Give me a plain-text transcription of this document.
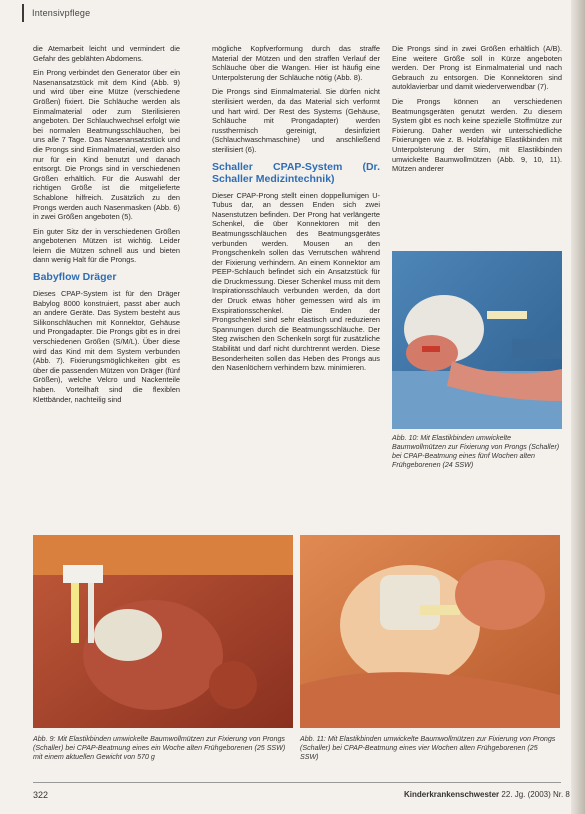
Intensivpflege

die Atemarbeit leicht und vermindert die Gefahr des geblähten Abdomens.

Ein Prong verbindet den Generator über ein Nasenansatzstück mit dem Kind (Abb. 9) und wird über eine Mütze (verschiedene Größen) fixiert. Die Schläuche werden als Einmalmaterial oder zum Sterilisieren angeboten. Der Schlauchwechsel erfolgt wie bei normalen Beatmungsschläuchen, bei uns alle 7 Tage. Das Nasenansatzstück und die Prongs sind Einmalmaterial, werden also nur für ein Kind benutzt und danach entsorgt. Die Prongs sind in verschiedenen Größen erhältlich. Für die Auswahl der richtigen Größe ist die mitgelieferte Schablone hilfreich. Zusätzlich zu den Prongs werden auch Nasenmasken (Abb. 6) in zwei Größen angeboten (5).

Ein guter Sitz der in verschiedenen Größen angebotenen Mützen ist wichtig. Leider leiern die Mützen schnell aus und bieten dann wenig Halt für die Prongs.

Babyflow Dräger

Dieses CPAP-System ist für den Dräger Babylog 8000 konstruiert, passt aber auch an andere Geräte. Das System besteht aus Silikonschläuchen mit Konnektor, Gehäuse und Prongadapter. Die Prongs gibt es in drei verschiedenen Größen (S/M/L). Über diese wird das Kind mit dem System verbunden (Abb. 7). Fixierungsmöglichkeiten gibt es über die passenden Mützen von Dräger (fünf Größen), welche Velcro und Nackenteile haben. Vorteilhaft sind die flexiblen Klettbänder, nachteilig sind

mögliche Kopfverformung durch das straffe Material der Mützen und den straffen Verlauf der Schläuche über die Wangen. Hier ist häufig eine Unterpolsterung der Schläuche nötig (Abb. 8).

Die Prongs sind Einmalmaterial. Sie dürfen nicht sterilisiert werden, da das Material sich verformt und hart wird. Der Rest des Systems (Gehäuse, Schläuche mit Prongadapter) werden russthermisch gereinigt, desinfiziert (Schlauchwaschmaschine) und anschließend sterilisiert (6).

Schaller CPAP-System (Dr. Schaller Medizintechnik)

Dieser CPAP-Prong stellt einen doppellumigen U-Tubus dar, an dessen Enden sich zwei Nasenstutzen befinden. Der Prong hat verlängerte Schenkel, die über Konnektoren mit den Beatmungsschläuchen des Beatmungsgerätes verbunden werden. Mousen an den Prongschenkeln sollen das Verrutschen während der Fixierung verhindern. An einem Konnektor am PEEP-Schlauch befindet sich ein Ansatzstück für die Druckmessung. Dieser Schenkel muss mit dem Inspirationsschlauch verbunden werden, da dort der Druck etwas höher gemessen wird als im Exspirationsschenkel. Die Enden der Prongschenkel sind sehr elastisch und reduzieren Spannungen durch die Beatmungsschläuche. Der Steg zwischen den Schenkeln sorgt für zusätzliche Stabilität und darf nicht durchtrennt werden. Diese Besonderheiten sollen das Heben des Prongs aus den Nasenlöchern verhindern bzw. minimieren.

Die Prongs sind in zwei Größen erhältlich (A/B). Eine weitere Größe soll in Kürze angeboten werden. Der Prong ist Einmalmaterial und nach Gebrauch zu entsorgen. Die Konnektoren sind autoklavierbar und damit wiederverwendbar (7).

Die Prongs können an verschiedenen Beatmungsgeräten genutzt werden. Zu diesem System gibt es noch keine spezielle Stoffmütze zur Fixierung. Daher werden wir unterschiedliche Fixierungen wie z. B. Holzfähige Elastikbinden mit Unterpolsterung der Stirn, mit Elastikbinden umwickelte Baumwollmützen (Abb. 9, 10, 11). Mützen anderer

Abb. 10: Mit Elastikbinden umwickelte Baumwollmützen zur Fixierung von Prongs (Schaller) bei CPAP-Beatmung eines fünf Wochen alten Frühgeborenen (24 SSW)
Abb. 9: Mit Elastikbinden umwickelte Baumwollmützen zur Fixierung von Prongs (Schaller) bei CPAP-Beatmung eines ein Woche alten Frühgeborenen (25 SSW) mit einem aktuellen Gewicht von 570 g
Abb. 11: Mit Elastikbinden umwickelte Baumwollmützen zur Fixierung von Prongs (Schaller) bei CPAP-Beatmung eines vier Wochen alten Frühgeborenen (25 SSW)
322	Kinderkrankenschwester 22. Jg. (2003) Nr. 8
